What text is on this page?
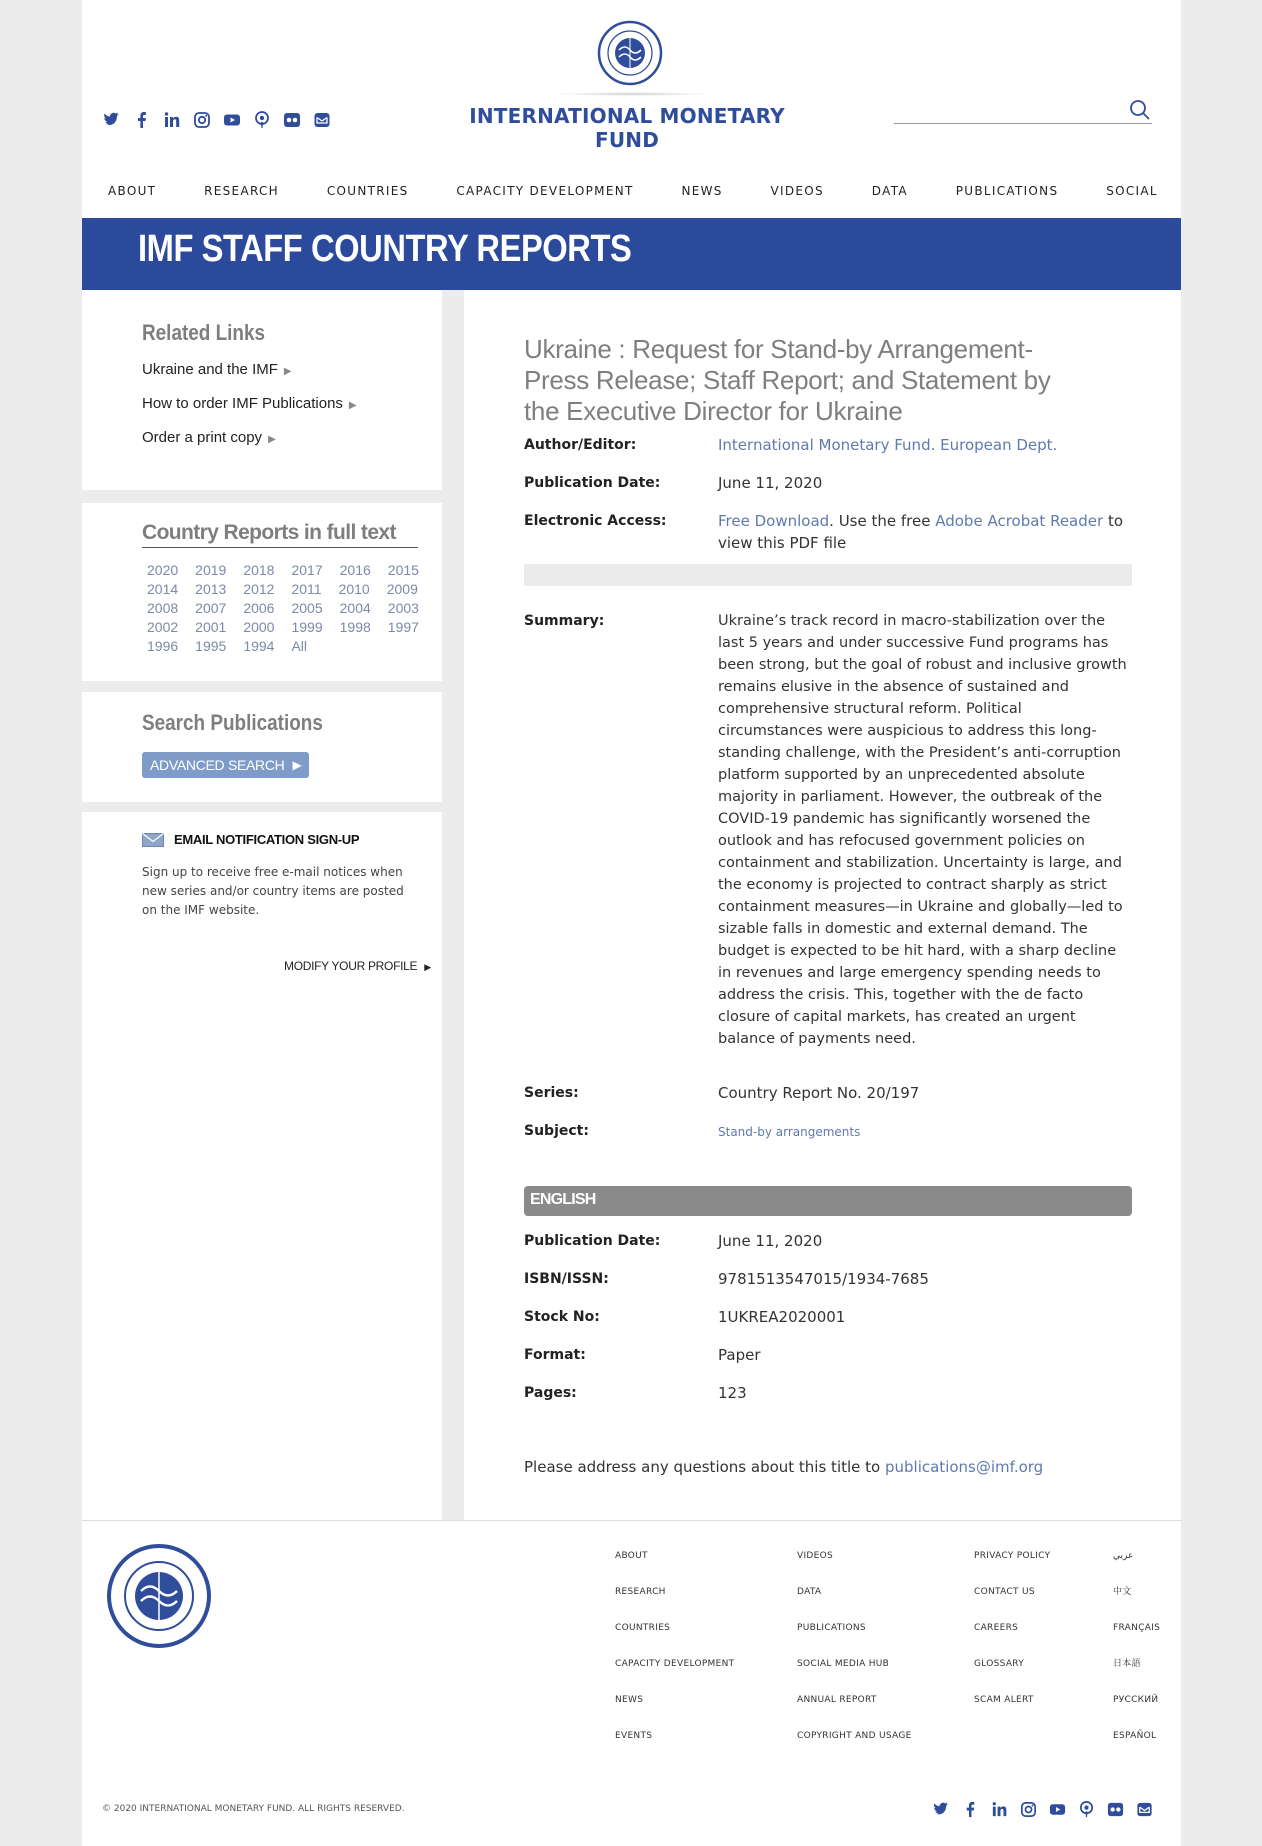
INTERNATIONAL MONETARY FUND
ABOUT	RESEARCH	COUNTRIES	CAPACITY DEVELOPMENT	NEWS	VIDEOS	DATA	PUBLICATIONS	SOCIAL
IMF STAFF COUNTRY REPORTS
Related Links
Ukraine and the IMF ▶
How to order IMF Publications ▶
Order a print copy ▶
Country Reports in full text
2020 2019 2018 2017 2016 2015
2014 2013 2012 2011 2010 2009
2008 2007 2006 2005 2004 2003
2002 2001 2000 1999 1998 1997
1996 1995 1994 All
Search Publications
ADVANCED SEARCH ▶
EMAIL NOTIFICATION SIGN-UP

Sign up to receive free e-mail notices when new series and/or country items are posted on the IMF website.

MODIFY YOUR PROFILE ▶
Ukraine : Request for Stand-by Arrangement-Press Release; Staff Report; and Statement by the Executive Director for Ukraine
Author/Editor:	International Monetary Fund. European Dept.
Publication Date:	June 11, 2020
Electronic Access:	Free Download. Use the free Adobe Acrobat Reader to view this PDF file
Summary:	Ukraine’s track record in macro-stabilization over the last 5 years and under successive Fund programs has been strong, but the goal of robust and inclusive growth remains elusive in the absence of sustained and comprehensive structural reform. Political circumstances were auspicious to address this long-standing challenge, with the President’s anti-corruption platform supported by an unprecedented absolute majority in parliament. However, the outbreak of the COVID-19 pandemic has significantly worsened the outlook and has refocused government policies on containment and stabilization. Uncertainty is large, and the economy is projected to contract sharply as strict containment measures—in Ukraine and globally—led to sizable falls in domestic and external demand. The budget is expected to be hit hard, with a sharp decline in revenues and large emergency spending needs to address the crisis. This, together with the de facto closure of capital markets, has created an urgent balance of payments need.
Series:	Country Report No. 20/197
Subject:	Stand-by arrangements
ENGLISH
Publication Date:	June 11, 2020
ISBN/ISSN:	9781513547015/1934-7685
Stock No:	1UKREA2020001
Format:	Paper
Pages:	123
Please address any questions about this title to publications@imf.org
ABOUT
RESEARCH
COUNTRIES
CAPACITY DEVELOPMENT
NEWS
EVENTS
VIDEOS
DATA
PUBLICATIONS
SOCIAL MEDIA HUB
ANNUAL REPORT
COPYRIGHT AND USAGE
PRIVACY POLICY
CONTACT US
CAREERS
GLOSSARY
SCAM ALERT
عربي
中文
FRANÇAIS
日本語
РУССКИЙ
ESPAÑOL
© 2020 INTERNATIONAL MONETARY FUND. ALL RIGHTS RESERVED.
